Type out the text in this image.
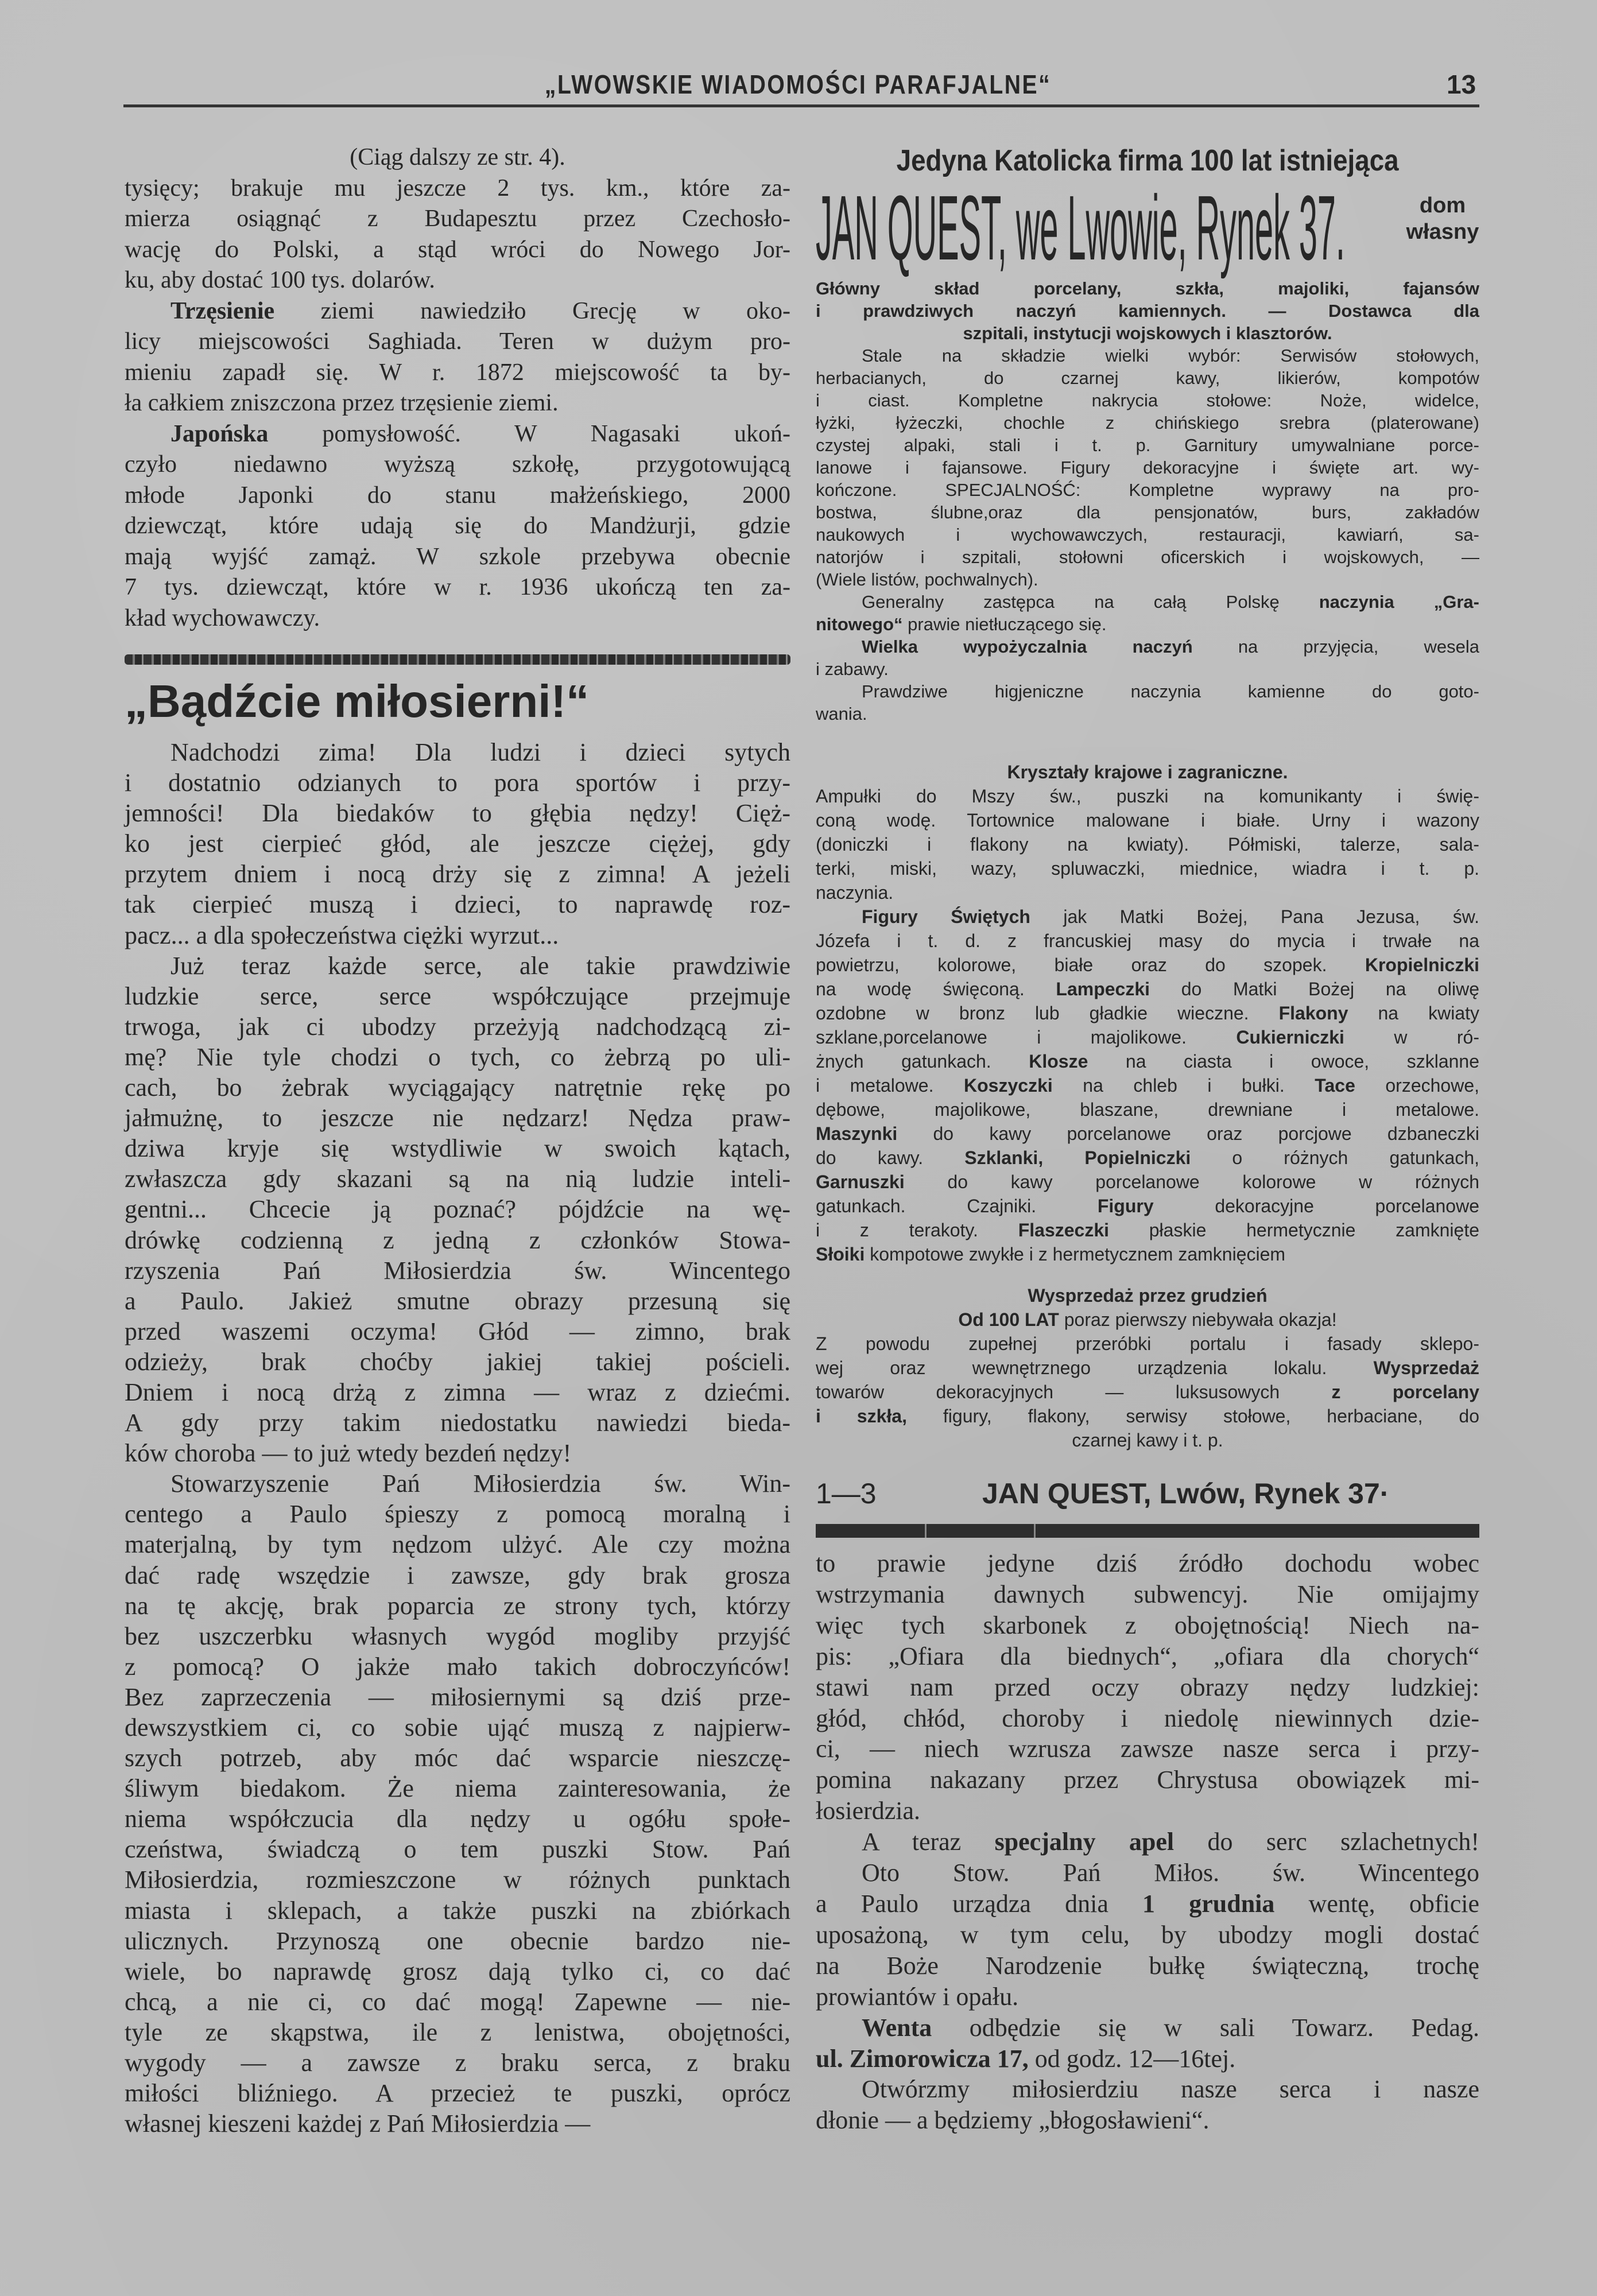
„LWOWSKIE WIADOMOŚCI PARAFJALNE“	13
(Ciąg dalszy ze str. 4).
tysięcy; brakuje mu jeszcze 2 tys. km., które za-
mierza osiągnąć z Budapesztu przez Czechosło-
wację do Polski, a stąd wróci do Nowego Jor-
ku, aby dostać 100 tys. dolarów.
Trzęsienie ziemi nawiedziło Grecję w oko-
licy miejscowości Saghiada. Teren w dużym pro-
mieniu zapadł się. W r. 1872 miejscowość ta by-
ła całkiem zniszczona przez trzęsienie ziemi.
Japońska pomysłowość. W Nagasaki ukoń-
czyło niedawno wyższą szkołę, przygotowującą
młode Japonki do stanu małżeńskiego, 2000
dziewcząt, które udają się do Mandżurji, gdzie
mają wyjść zamąż. W szkole przebywa obecnie
7 tys. dziewcząt, które w r. 1936 ukończą ten za-
kład wychowawczy.
„Bądźcie miłosierni!“
Nadchodzi zima! Dla ludzi i dzieci sytych
i dostatnio odzianych to pora sportów i przy-
jemności! Dla biedaków to głębia nędzy! Cięż-
ko jest cierpieć głód, ale jeszcze ciężej, gdy
przytem dniem i nocą drży się z zimna! A jeżeli
tak cierpieć muszą i dzieci, to naprawdę roz-
pacz... a dla społeczeństwa ciężki wyrzut...
Już teraz każde serce, ale takie prawdziwie
ludzkie serce, serce współczujące przejmuje
trwoga, jak ci ubodzy przeżyją nadchodzącą zi-
mę? Nie tyle chodzi o tych, co żebrzą po uli-
cach, bo żebrak wyciągający natrętnie rękę po
jałmużnę, to jeszcze nie nędzarz! Nędza praw-
dziwa kryje się wstydliwie w swoich kątach,
zwłaszcza gdy skazani są na nią ludzie inteli-
gentni... Chcecie ją poznać? pójdźcie na wę-
drówkę codzienną z jedną z członków Stowa-
rzyszenia Pań Miłosierdzia św. Wincentego
a Paulo. Jakież smutne obrazy przesuną się
przed waszemi oczyma! Głód — zimno, brak
odzieży, brak choćby jakiej takiej pościeli.
Dniem i nocą drżą z zimna — wraz z dziećmi.
A gdy przy takim niedostatku nawiedzi bieda-
ków choroba — to już wtedy bezdeń nędzy!
Stowarzyszenie Pań Miłosierdzia św. Win-
centego a Paulo śpieszy z pomocą moralną i
materjalną, by tym nędzom ulżyć. Ale czy można
dać radę wszędzie i zawsze, gdy brak grosza
na tę akcję, brak poparcia ze strony tych, którzy
bez uszczerbku własnych wygód mogliby przyjść
z pomocą? O jakże mało takich dobroczyńców!
Bez zaprzeczenia — miłosiernymi są dziś prze-
dewszystkiem ci, co sobie ująć muszą z najpierw-
szych potrzeb, aby móc dać wsparcie nieszczę-
śliwym biedakom. Że niema zainteresowania, że
niema współczucia dla nędzy u ogółu społe-
czeństwa, świadczą o tem puszki Stow. Pań
Miłosierdzia, rozmieszczone w różnych punktach
miasta i sklepach, a także puszki na zbiórkach
ulicznych. Przynoszą one obecnie bardzo nie-
wiele, bo naprawdę grosz dają tylko ci, co dać
chcą, a nie ci, co dać mogą! Zapewne — nie-
tyle ze skąpstwa, ile z lenistwa, obojętności,
wygody — a zawsze z braku serca, z braku
miłości bliźniego. A przecież te puszki, oprócz
własnej kieszeni każdej z Pań Miłosierdzia —
Jedyna Katolicka firma 100 lat istniejąca
JAN QUEST, we Lwowie, Rynek 37.	dom
własny
Główny skład porcelany, szkła, majoliki, fajansów
i prawdziwych naczyń kamiennych. — Dostawca dla
szpitali, instytucji wojskowych i klasztorów.
Stale na składzie wielki wybór: Serwisów stołowych,
herbacianych, do czarnej kawy, likierów, kompotów
i ciast. Kompletne nakrycia stołowe: Noże, widelce,
łyżki, łyżeczki, chochle z chińskiego srebra (platerowane)
czystej alpaki, stali i t. p. Garnitury umywalniane porce-
lanowe i fajansowe. Figury dekoracyjne i święte art. wy-
kończone. SPECJALNOŚĆ: Kompletne wyprawy na pro-
bostwa, ślubne,oraz dla pensjonatów, burs, zakładów
naukowych i wychowawczych, restauracji, kawiarń, sa-
natorjów i szpitali, stołowni oficerskich i wojskowych, —
(Wiele listów, pochwalnych).
Generalny zastępca na całą Polskę naczynia „Gra-
nitowego“ prawie nietłuczącego się.
Wielka wypożyczalnia naczyń na przyjęcia, wesela
i zabawy.
Prawdziwe higjeniczne naczynia kamienne do goto-
wania.
Kryształy krajowe i zagraniczne.
Ampułki do Mszy św., puszki na komunikanty i świę-
coną wodę. Tortownice malowane i białe. Urny i wazony
(doniczki i flakony na kwiaty). Półmiski, talerze, sala-
terki, miski, wazy, spluwaczki, miednice, wiadra i t. p.
naczynia.
Figury Świętych jak Matki Bożej, Pana Jezusa, św.
Józefa i t. d. z francuskiej masy do mycia i trwałe na
powietrzu, kolorowe, białe oraz do szopek. Kropielniczki
na wodę święconą. Lampeczki do Matki Bożej na oliwę
ozdobne w bronz lub gładkie wieczne. Flakony na kwiaty
szklane,porcelanowe i majolikowe. Cukierniczki w ró-
żnych gatunkach. Klosze na ciasta i owoce, szklanne
i metalowe. Koszyczki na chleb i bułki. Tace orzechowe,
dębowe, majolikowe, blaszane, drewniane i metalowe.
Maszynki do kawy porcelanowe oraz porcjowe dzbaneczki
do kawy. Szklanki, Popielniczki o różnych gatunkach,
Garnuszki do kawy porcelanowe kolorowe w różnych
gatunkach. Czajniki. Figury dekoracyjne porcelanowe
i z terakoty. Flaszeczki płaskie hermetycznie zamknięte
Słoiki kompotowe zwykłe i z hermetycznem zamknięciem
Wysprzedaż przez grudzień
Od 100 LAT poraz pierwszy niebywała okazja!
Z powodu zupełnej przeróbki portalu i fasady sklepo-
wej oraz wewnętrznego urządzenia lokalu. Wysprzedaż
towarów dekoracyjnych — luksusowych z porcelany
i szkła, figury, flakony, serwisy stołowe, herbaciane, do
czarnej kawy i t. p.
1—3	JAN QUEST, Lwów, Rynek 37·
to prawie jedyne dziś źródło dochodu wobec
wstrzymania dawnych subwencyj. Nie omijajmy
więc tych skarbonek z obojętnością! Niech na-
pis: „Ofiara dla biednych“, „ofiara dla chorych“
stawi nam przed oczy obrazy nędzy ludzkiej:
głód, chłód, choroby i niedolę niewinnych dzie-
ci, — niech wzrusza zawsze nasze serca i przy-
pomina nakazany przez Chrystusa obowiązek mi-
łosierdzia.
A teraz specjalny apel do serc szlachetnych!
Oto Stow. Pań Miłos. św. Wincentego
a Paulo urządza dnia 1 grudnia wentę, obficie
uposażoną, w tym celu, by ubodzy mogli dostać
na Boże Narodzenie bułkę świąteczną, trochę
prowiantów i opału.
Wenta odbędzie się w sali Towarz. Pedag.
ul. Zimorowicza 17, od godz. 12—16tej.
Otwórzmy miłosierdziu nasze serca i nasze
dłonie — a będziemy „błogosławieni“.
